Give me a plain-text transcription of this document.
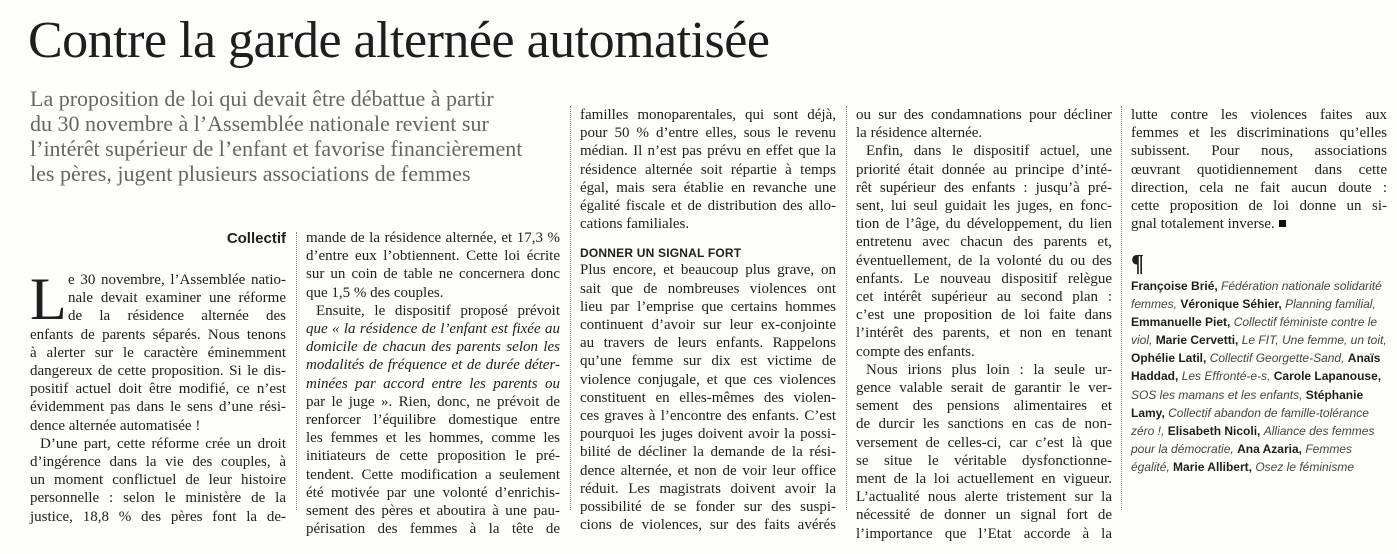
Contre la garde alternée automatisée
La proposition de loi qui devait être débattue à partir
du 30 novembre à l’Assemblée nationale revient sur
l’intérêt supérieur de l’enfant et favorise financièrement
les pères, jugent plusieurs associations de femmes
Collectif
L e 30 novembre, l’Assemblée natio-
nale devait examiner une réforme
de la résidence alternée des
enfants de parents séparés. Nous tenons
à alerter sur le caractère éminemment
dangereux de cette proposition. Si le dis-
positif actuel doit être modifié, ce n’est
évidemment pas dans le sens d’une rési-
dence alternée automatisée !
D’une part, cette réforme crée un droit
d’ingérence dans la vie des couples, à
un moment conflictuel de leur histoire
personnelle : selon le ministère de la
justice, 18,8 % des pères font la de-
mande de la résidence alternée, et 17,3 %
d’entre eux l’obtiennent. Cette loi écrite
sur un coin de table ne concernera donc
que 1,5 % des couples.
Ensuite, le dispositif proposé prévoit
que « la résidence de l’enfant est fixée au
domicile de chacun des parents selon les
modalités de fréquence et de durée déter-
minées par accord entre les parents ou
par le juge ». Rien, donc, ne prévoit de
renforcer l’équilibre domestique entre
les femmes et les hommes, comme les
initiateurs de cette proposition le pré-
tendent. Cette modification a seulement
été motivée par une volonté d’enrichis-
sement des pères et aboutira à une pau-
périsation des femmes à la tête de
familles monoparentales, qui sont déjà,
pour 50 % d’entre elles, sous le revenu
médian. Il n’est pas prévu en effet que la
résidence alternée soit répartie à temps
égal, mais sera établie en revanche une
égalité fiscale et de distribution des allo-
cations familiales.
DONNER UN SIGNAL FORT
Plus encore, et beaucoup plus grave, on
sait que de nombreuses violences ont
lieu par l’emprise que certains hommes
continuent d’avoir sur leur ex-conjointe
au travers de leurs enfants. Rappelons
qu’une femme sur dix est victime de
violence conjugale, et que ces violences
constituent en elles-mêmes des violen-
ces graves à l’encontre des enfants. C’est
pourquoi les juges doivent avoir la possi-
bilité de décliner la demande de la rési-
dence alternée, et non de voir leur office
réduit. Les magistrats doivent avoir la
possibilité de se fonder sur des suspi-
cions de violences, sur des faits avérés
ou sur des condamnations pour décliner
la résidence alternée.
Enfin, dans le dispositif actuel, une
priorité était donnée au principe d’inté-
rêt supérieur des enfants : jusqu’à pré-
sent, lui seul guidait les juges, en fonc-
tion de l’âge, du développement, du lien
entretenu avec chacun des parents et,
éventuellement, de la volonté du ou des
enfants. Le nouveau dispositif relègue
cet intérêt supérieur au second plan :
c’est une proposition de loi faite dans
l’intérêt des parents, et non en tenant
compte des enfants.
Nous irions plus loin : la seule ur-
gence valable serait de garantir le ver-
sement des pensions alimentaires et
de durcir les sanctions en cas de non-
versement de celles-ci, car c’est là que
se situe le véritable dysfonctionne-
ment de la loi actuellement en vigueur.
L’actualité nous alerte tristement sur la
nécessité de donner un signal fort de
l’importance que l’Etat accorde à la
lutte contre les violences faites aux
femmes et les discriminations qu’elles
subissent. Pour nous, associations
œuvrant quotidiennement dans cette
direction, cela ne fait aucun doute :
cette proposition de loi donne un si-
gnal totalement inverse.
¶
Françoise Brié, Fédération nationale solidarité femmes, Véronique Séhier, Planning familial, Emmanuelle Piet, Collectif féministe contre le viol, Marie Cervetti, Le FIT, Une femme, un toit, Ophélie Latil, Collectif Georgette-Sand, Anaïs Haddad, Les Effronté-e-s, Carole Lapanouse, SOS les mamans et les enfants, Stéphanie Lamy, Collectif abandon de famille-tolérance zéro !, Elisabeth Nicoli, Alliance des femmes pour la démocratie, Ana Azaria, Femmes égalité, Marie Allibert, Osez le féminisme
